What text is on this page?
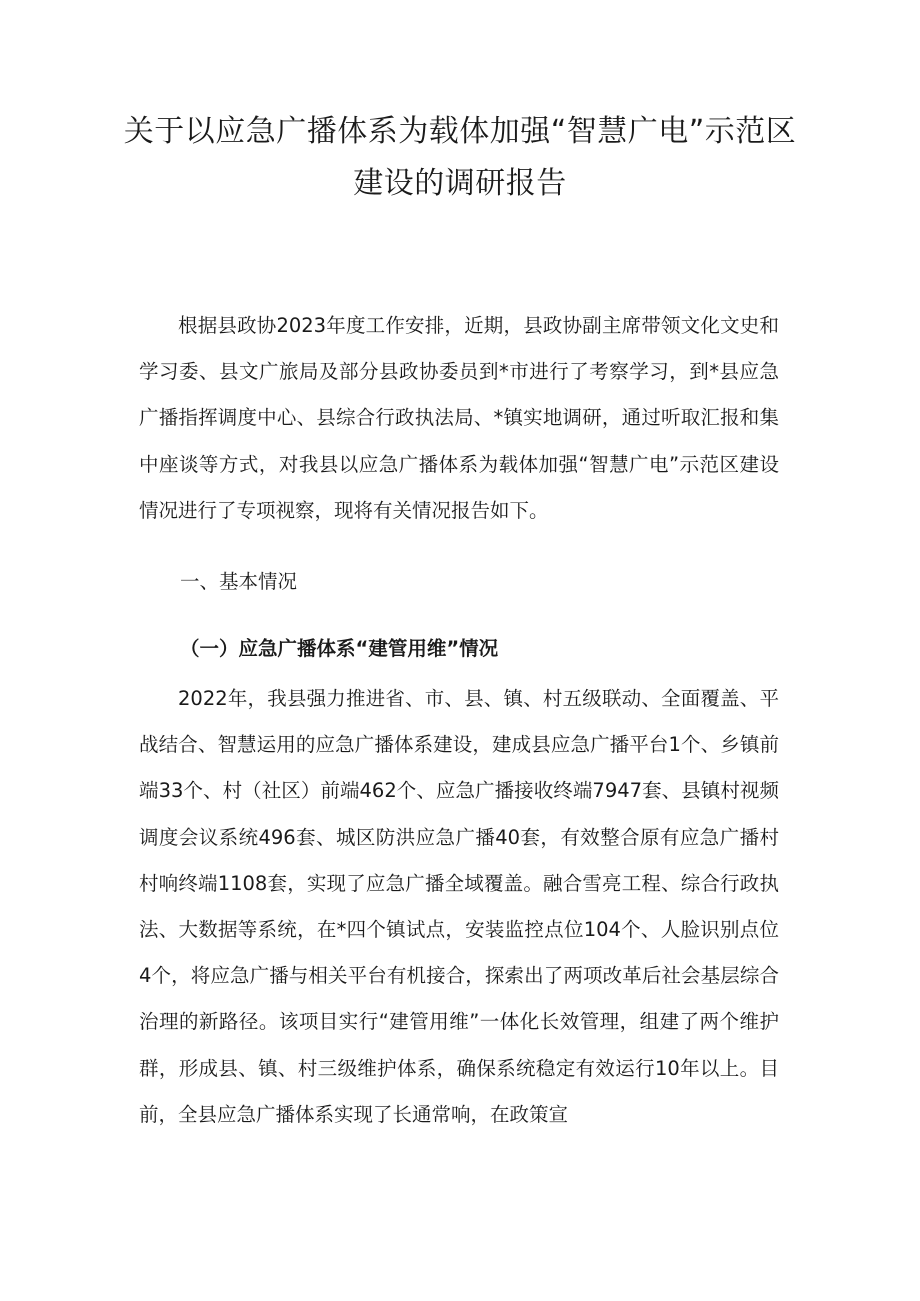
关于以应急广播体系为载体加强“智慧广电”示范区
建设的调研报告

根据县政协2023年度工作安排，近期，县政协副主席带领文化文史和学习委、县文广旅局及部分县政协委员到*市进行了考察学习，到*县应急广播指挥调度中心、县综合行政执法局、*镇实地调研，通过听取汇报和集中座谈等方式，对我县以应急广播体系为载体加强“智慧广电”示范区建设情况进行了专项视察，现将有关情况报告如下。

一、基本情况
（一）应急广播体系“建管用维”情况

2022年，我县强力推进省、市、县、镇、村五级联动、全面覆盖、平战结合、智慧运用的应急广播体系建设，建成县应急广播平台1个、乡镇前端33个、村（社区）前端462个、应急广播接收终端7947套、县镇村视频调度会议系统496套、城区防洪应急广播40套，有效整合原有应急广播村村响终端1108套，实现了应急广播全域覆盖。融合雪亮工程、综合行政执法、大数据等系统，在*四个镇试点，安装监控点位104个、人脸识别点位4个，将应急广播与相关平台有机接合，探索出了两项改革后社会基层综合治理的新路径。该项目实行“建管用维”一体化长效管理，组建了两个维护群，形成县、镇、村三级维护体系，确保系统稳定有效运行10年以上。目前，全县应急广播体系实现了长通常响，在政策宣
